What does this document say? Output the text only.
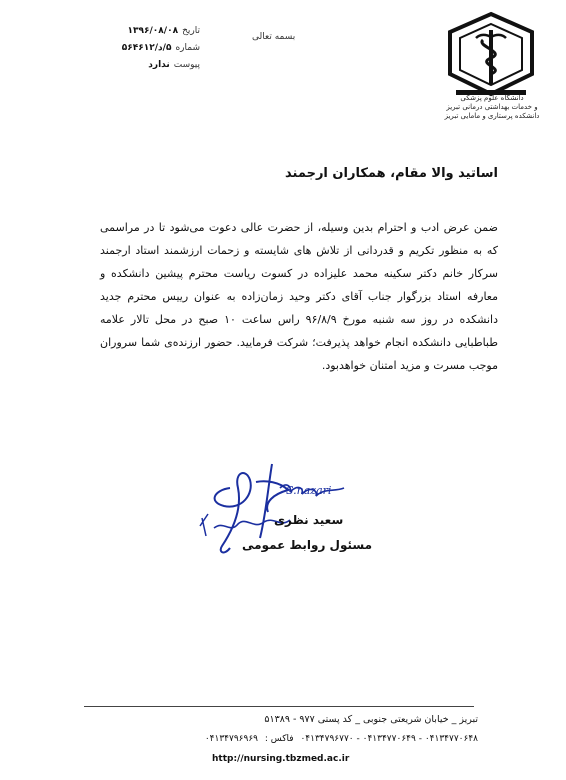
تاریخ
۱۳۹۶/۰۸/۰۸
شماره
۵/د/۵۶۴۶۱۲
پیوست
ندارد
بسمه تعالی
دانشگاه علوم پزشکی
و خدمات بهداشتی درمانی تبریز
دانشکده پرستاری و مامایی تبریز
اساتید والا مقام، همکاران ارجمند
ضمن عرض ادب و احترام بدین وسیله، از حضرت عالی دعوت می‌شود تا در مراسمی که به منظور تکریم و قدردانی از تلاش های شایسته و زحمات ارزشمند استاد ارجمند سرکار خانم دکتر سکینه محمد علیزاده در کسوت ریاست محترم پیشین دانشکده و معارفه استاد بزرگوار جناب آقای دکتر وحید زمان‌زاده به عنوان رییس محترم جدید دانشکده در روز سه شنبه مورخ ۹۶/۸/۹ راس ساعت ۱۰ صبح در محل تالار علامه طباطبایی دانشکده انجام خواهد پذیرفت؛ شرکت فرمایید. حضور ارزنده‌ی شما سروران موجب مسرت و مزید امتنان خواهدبود.
S.nazari
سعید نظری
مسئول روابط عمومی
تبریز _ خیابان شریعتی جنوبی _ کد پستی ۹۷۷ - ۵۱۳۸۹
۰۴۱۳۴۷۷۰۶۴۸ - ۰۴۱۳۴۷۷۰۶۴۹ - ۰۴۱۳۴۷۹۶۷۷۰ فاکس : ۰۴۱۳۴۷۹۶۹۶۹
http://nursing.tbzmed.ac.ir
